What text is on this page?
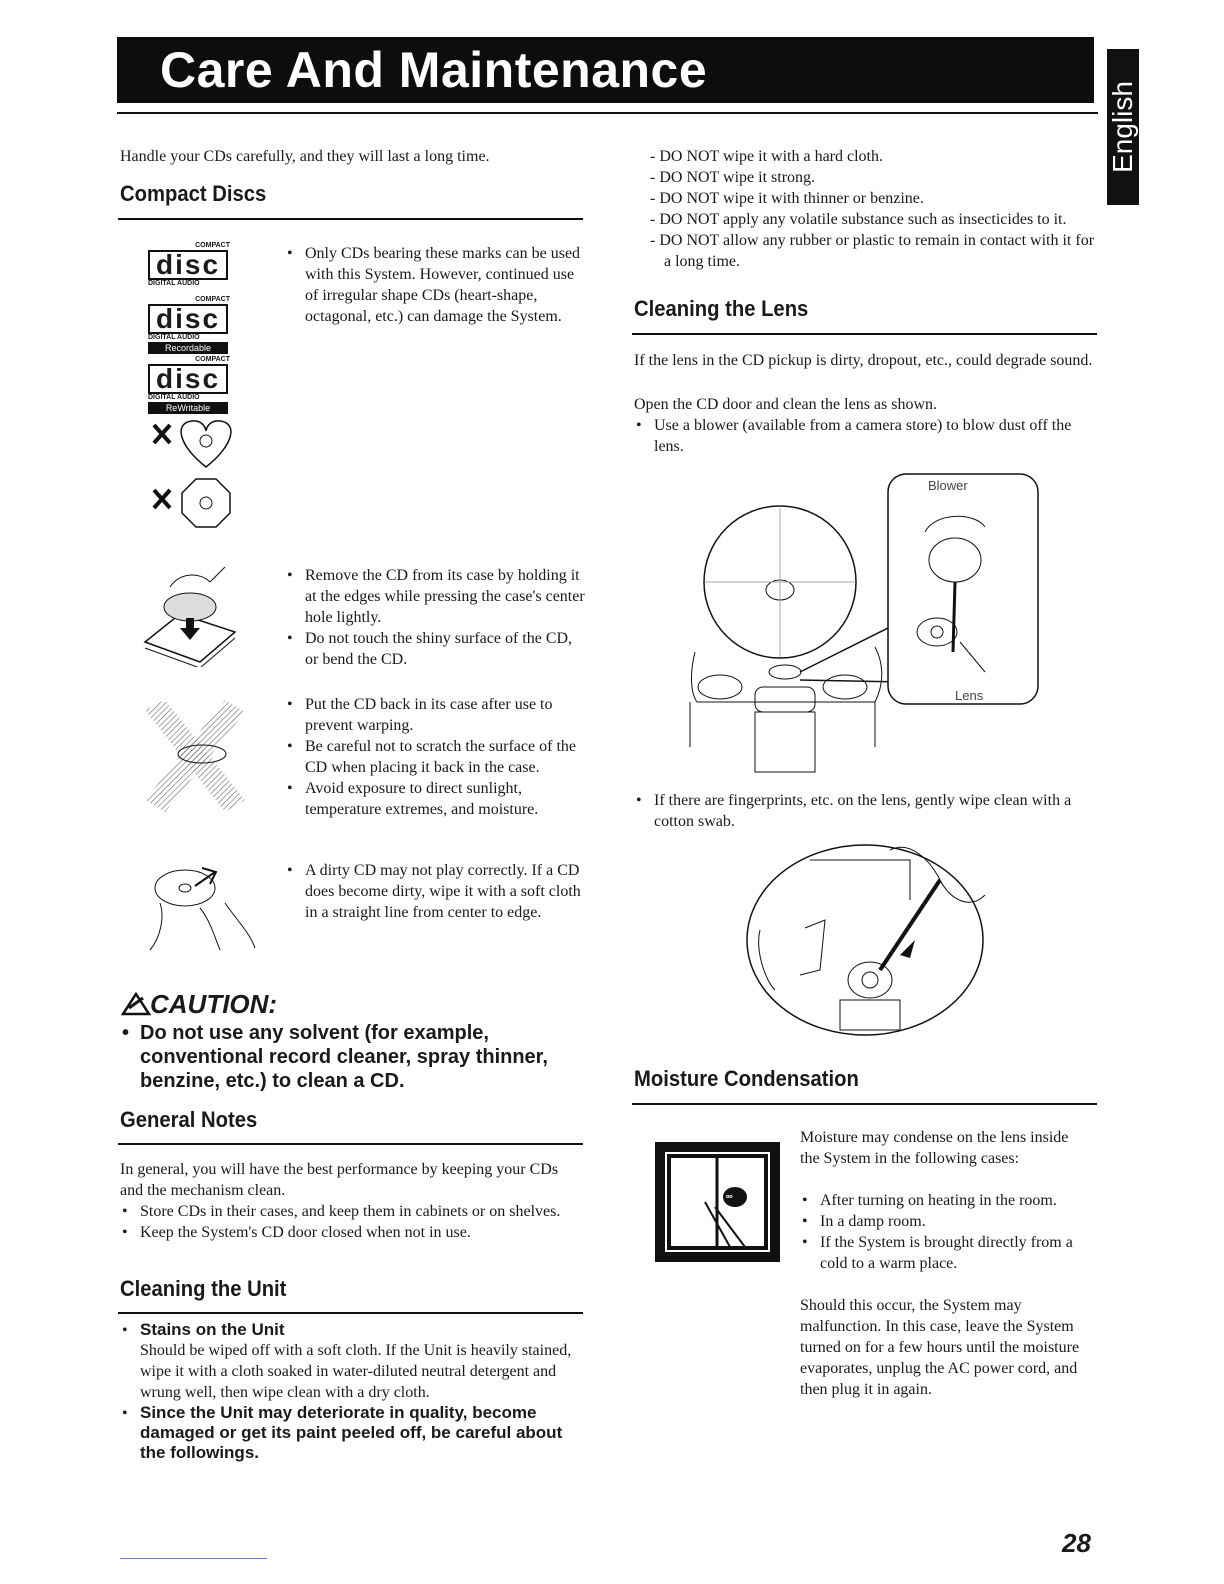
Care And Maintenance
English
Handle your CDs carefully, and they will last a long time.
Compact Discs
COMPACT
disc
DIGITAL AUDIO
COMPACT
disc
DIGITAL AUDIO
Recordable
COMPACT
disc
DIGITAL AUDIO
ReWritable
• Only CDs bearing these marks can be used with this System. However, continued use of irregular shape CDs (heart-shape, octagonal, etc.) can damage the System.
• Remove the CD from its case by holding it at the edges while pressing the case's center hole lightly.
• Do not touch the shiny surface of the CD, or bend the CD.
• Put the CD back in its case after use to prevent warping.
• Be careful not to scratch the surface of the CD when placing it back in the case.
• Avoid exposure to direct sunlight, temperature extremes, and moisture.
• A dirty CD may not play correctly. If a CD does become dirty, wipe it with a soft cloth in a straight line from center to edge.
CAUTION:
• Do not use any solvent (for example, conventional record cleaner, spray thinner, benzine, etc.) to clean a CD.
General Notes
In general, you will have the best performance by keeping your CDs and the mechanism clean.
• Store CDs in their cases, and keep them in cabinets or on shelves.
• Keep the System's CD door closed when not in use.
Cleaning the Unit
• Stains on the Unit
Should be wiped off with a soft cloth. If the Unit is heavily stained, wipe it with a cloth soaked in water-diluted neutral detergent and wrung well, then wipe clean with a dry cloth.
• Since the Unit may deteriorate in quality, become damaged or get its paint peeled off, be careful about the followings.
- DO NOT wipe it with a hard cloth.
- DO NOT wipe it strong.
- DO NOT wipe it with thinner or benzine.
- DO NOT apply any volatile substance such as insecticides to it.
- DO NOT allow any rubber or plastic to remain in contact with it for a long time.
Cleaning the Lens
If the lens in the CD pickup is dirty, dropout, etc., could degrade sound.
Open the CD door and clean the lens as shown.
• Use a blower (available from a camera store) to blow dust off the lens.
Blower
Lens
• If there are fingerprints, etc. on the lens, gently wipe clean with a cotton swab.
Moisture Condensation
ºº
Moisture may condense on the lens inside the System in the following cases:
• After turning on heating in the room.
• In a damp room.
• If the System is brought directly from a cold to a warm place.
Should this occur, the System may malfunction. In this case, leave the System turned on for a few hours until the moisture evaporates, unplug the AC power cord, and then plug it in again.
28
